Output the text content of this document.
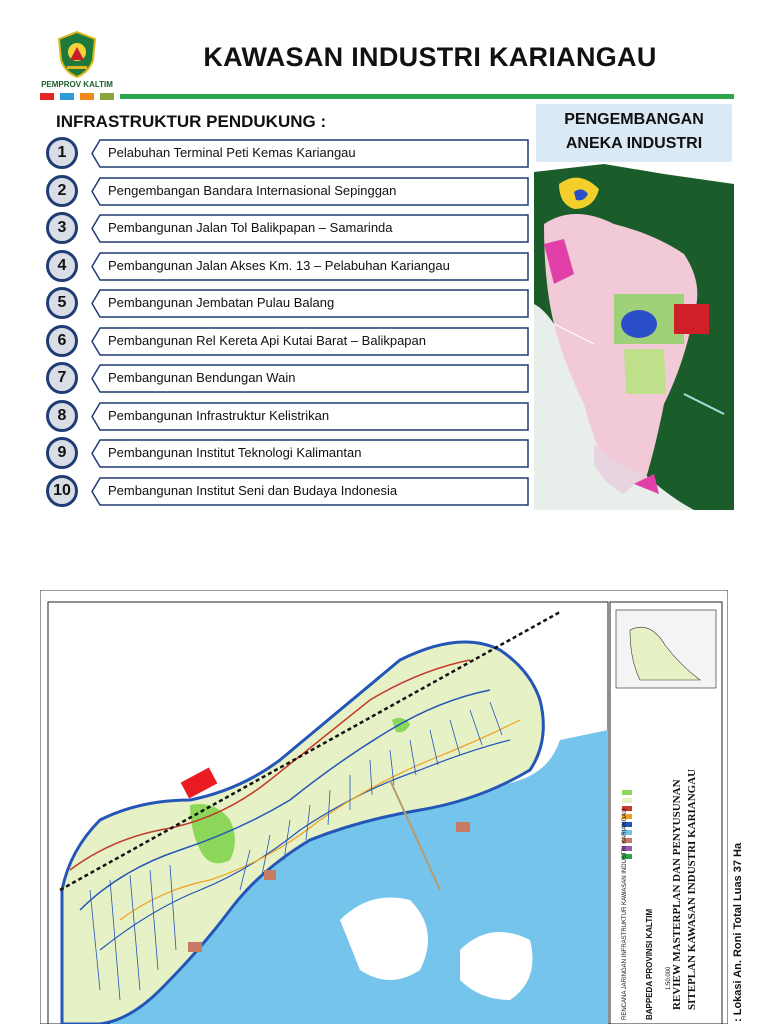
PEMPROV KALTIM
KAWASAN INDUSTRI KARIANGAU
INFRASTRUKTUR PENDUKUNG :
1	Pelabuhan Terminal Peti Kemas Kariangau
2	Pengembangan Bandara Internasional Sepinggan
3	Pembangunan Jalan Tol Balikpapan – Samarinda
4	Pembangunan Jalan Akses Km. 13 – Pelabuhan Kariangau
5	Pembangunan Jembatan Pulau Balang
6	Pembangunan Rel Kereta Api Kutai Barat – Balikpapan
7	Pembangunan Bendungan Wain
8	Pembangunan Infrastruktur Kelistrikan
9	Pembangunan Institut Teknologi Kalimantan
10	Pembangunan Institut Seni dan Budaya Indonesia
PENGEMBANGAN
ANEKA INDUSTRI
REVIEW MASTERPLAN DAN PENYUSUNAN SITEPLAN KAWASAN INDUSTRI KARIANGAU
RENCANA JARINGAN INFRASTRUKTUR KAWASAN INDUSTRI KARIANGAU BAPPEDA PROVINSI KALTIM 1:50.000	: Lokasi An. Roni Total Luas 37 Ha
